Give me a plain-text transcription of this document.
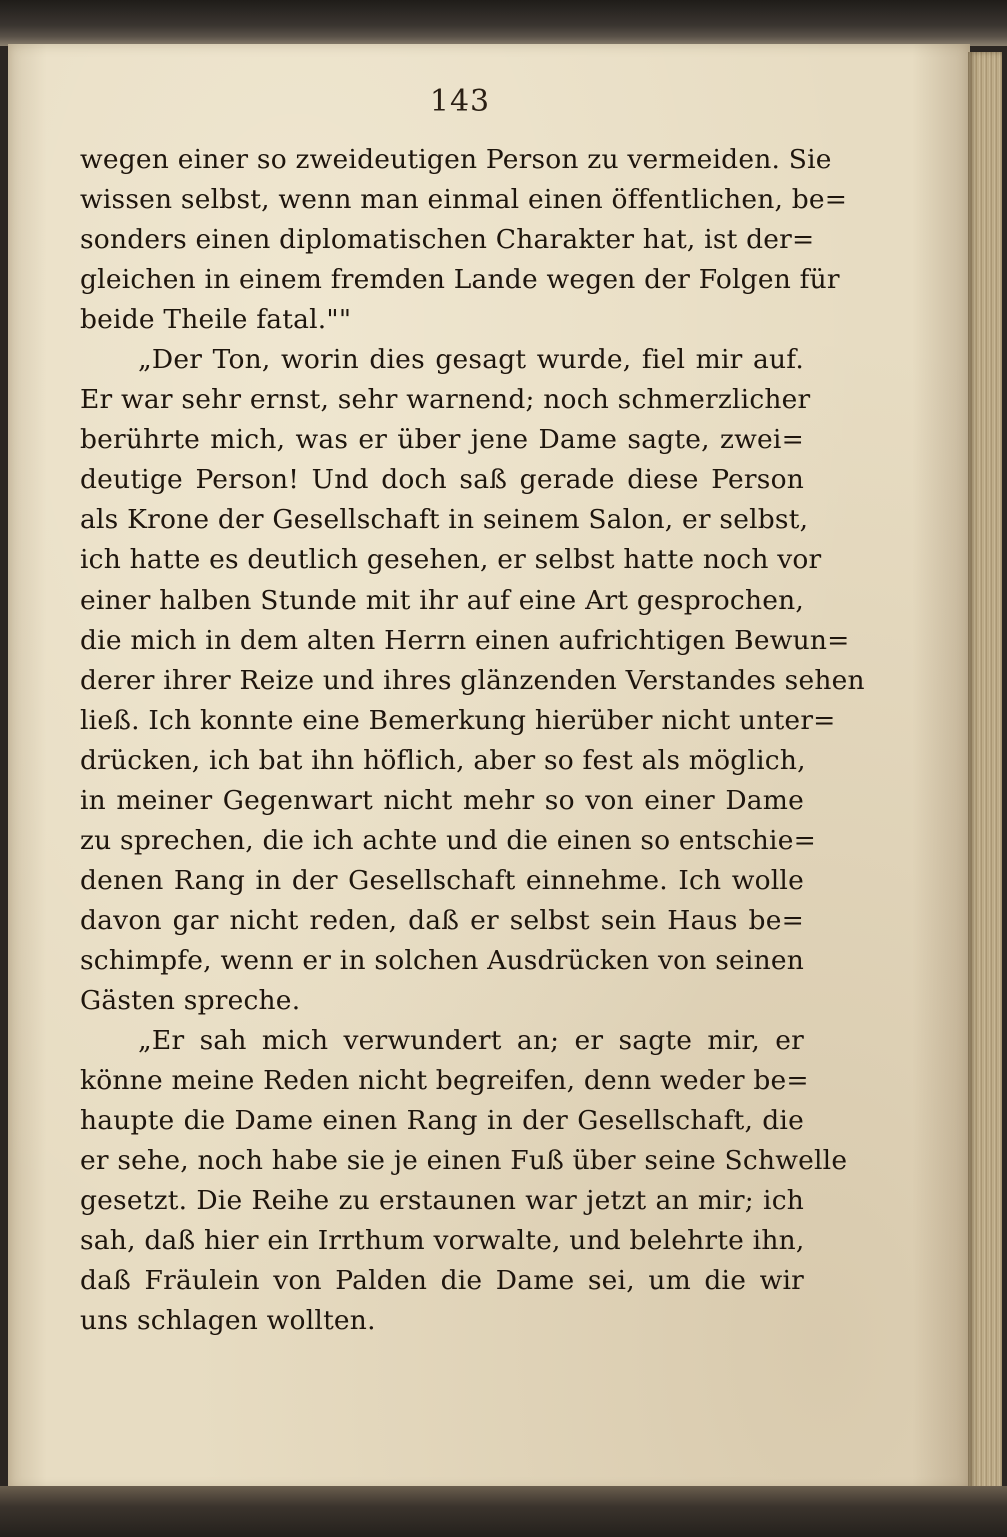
143
wegen einer so zweideutigen Person zu vermeiden. Sie
wissen selbst, wenn man einmal einen öffentlichen, be=
sonders einen diplomatischen Charakter hat, ist der=
gleichen in einem fremden Lande wegen der Folgen für
beide Theile fatal.""
„Der Ton, worin dies gesagt wurde, fiel mir auf.
Er war sehr ernst, sehr warnend; noch schmerzlicher
berührte mich, was er über jene Dame sagte, zwei=
deutige Person! Und doch saß gerade diese Person
als Krone der Gesellschaft in seinem Salon, er selbst,
ich hatte es deutlich gesehen, er selbst hatte noch vor
einer halben Stunde mit ihr auf eine Art gesprochen,
die mich in dem alten Herrn einen aufrichtigen Bewun=
derer ihrer Reize und ihres glänzenden Verstandes sehen
ließ. Ich konnte eine Bemerkung hierüber nicht unter=
drücken, ich bat ihn höflich, aber so fest als möglich,
in meiner Gegenwart nicht mehr so von einer Dame
zu sprechen, die ich achte und die einen so entschie=
denen Rang in der Gesellschaft einnehme. Ich wolle
davon gar nicht reden, daß er selbst sein Haus be=
schimpfe, wenn er in solchen Ausdrücken von seinen
Gästen spreche.
„Er sah mich verwundert an; er sagte mir, er
könne meine Reden nicht begreifen, denn weder be=
haupte die Dame einen Rang in der Gesellschaft, die
er sehe, noch habe sie je einen Fuß über seine Schwelle
gesetzt. Die Reihe zu erstaunen war jetzt an mir; ich
sah, daß hier ein Irrthum vorwalte, und belehrte ihn,
daß Fräulein von Palden die Dame sei, um die wir
uns schlagen wollten.
